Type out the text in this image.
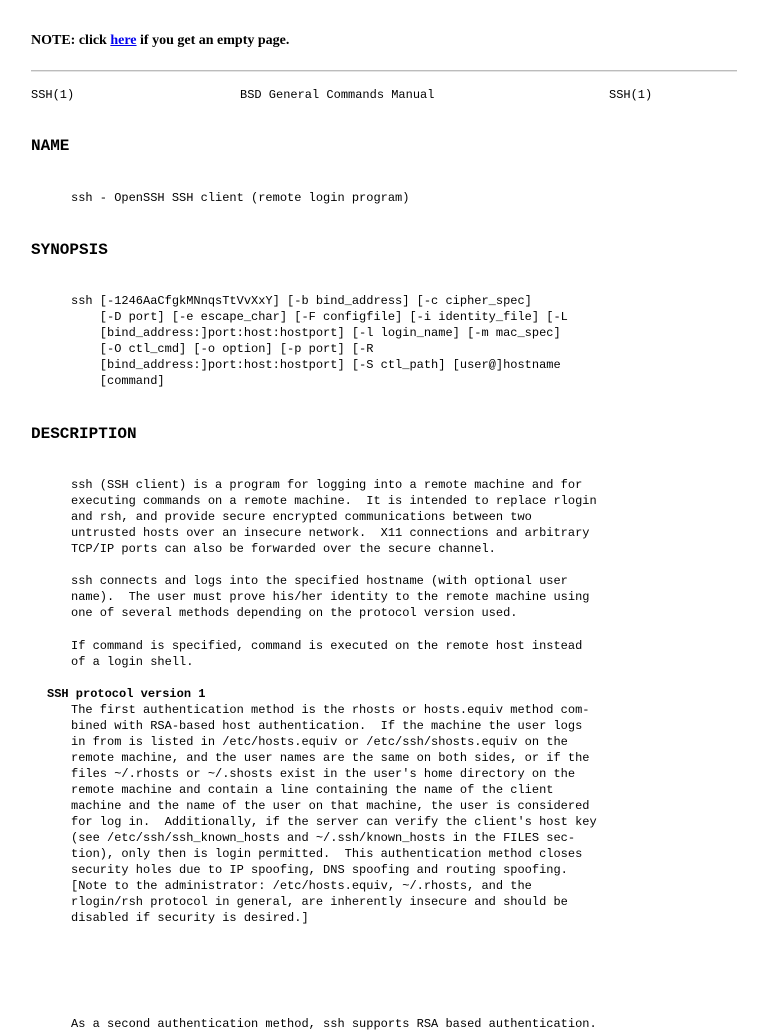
NOTE: click here if you get an empty page.
SSH(1)	BSD General Commands Manual	SSH(1)
NAME
ssh - OpenSSH SSH client (remote login program)
SYNOPSIS
ssh [-1246AaCfgkMNnqsTtVvXxY] [-b bind_address] [-c cipher_spec]
[-D port] [-e escape_char] [-F configfile] [-i identity_file] [-L
[bind_address:]port:host:hostport] [-l login_name] [-m mac_spec]
[-O ctl_cmd] [-o option] [-p port] [-R
[bind_address:]port:host:hostport] [-S ctl_path] [user@]hostname
[command]
DESCRIPTION
ssh (SSH client) is a program for logging into a remote machine and for
executing commands on a remote machine.  It is intended to replace rlogin
and rsh, and provide secure encrypted communications between two
untrusted hosts over an insecure network.  X11 connections and arbitrary
TCP/IP ports can also be forwarded over the secure channel.
ssh connects and logs into the specified hostname (with optional user
name).  The user must prove his/her identity to the remote machine using
one of several methods depending on the protocol version used.
If command is specified, command is executed on the remote host instead
of a login shell.
SSH protocol version 1
The first authentication method is the rhosts or hosts.equiv method com-
bined with RSA-based host authentication.  If the machine the user logs
in from is listed in /etc/hosts.equiv or /etc/ssh/shosts.equiv on the
remote machine, and the user names are the same on both sides, or if the
files ~/.rhosts or ~/.shosts exist in the user's home directory on the
remote machine and contain a line containing the name of the client
machine and the name of the user on that machine, the user is considered
for log in.  Additionally, if the server can verify the client's host key
(see /etc/ssh/ssh_known_hosts and ~/.ssh/known_hosts in the FILES sec-
tion), only then is login permitted.  This authentication method closes
security holes due to IP spoofing, DNS spoofing and routing spoofing.
[Note to the administrator: /etc/hosts.equiv, ~/.rhosts, and the
rlogin/rsh protocol in general, are inherently insecure and should be
disabled if security is desired.]
As a second authentication method, ssh supports RSA based authentication.
